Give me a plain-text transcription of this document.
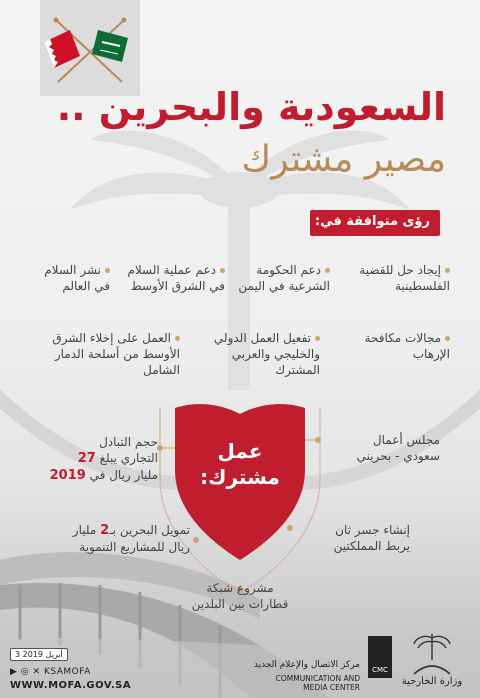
السعودية والبحرين ..
مصير مشترك
رؤى متوافقة في:
إيجاد حل للقضية الفلسطينية
دعم الحكومة الشرعية في اليمن
دعم عملية السلام في الشرق الأوسط
نشر السلام في العالم
مجالات مكافحة الإرهاب
تفعيل العمل الدولي والخليجي والعربي المشترك
العمل على إخلاء الشرق الأوسط من أسلحة الدمار الشامل
عمل
مشترك:
مجلس أعمال
سعودي - بحريني
حجم التبادل
التجاري يبلغ 27
مليار ريال في 2019
إنشاء جسر ثان
يربط المملكتين
تمويل البحرين بـ2 مليار
ريال للمشاريع التنموية
مشروع شبكة
قطارات بين البلدين
3 أبريل 2019
▶ ◎ ✕ KSAMOFA
WWW.MOFA.GOV.SA
مركز الاتصال والإعلام الجديد
COMMUNICATION AND MEDIA CENTER
CMC
وزارة الخارجية
